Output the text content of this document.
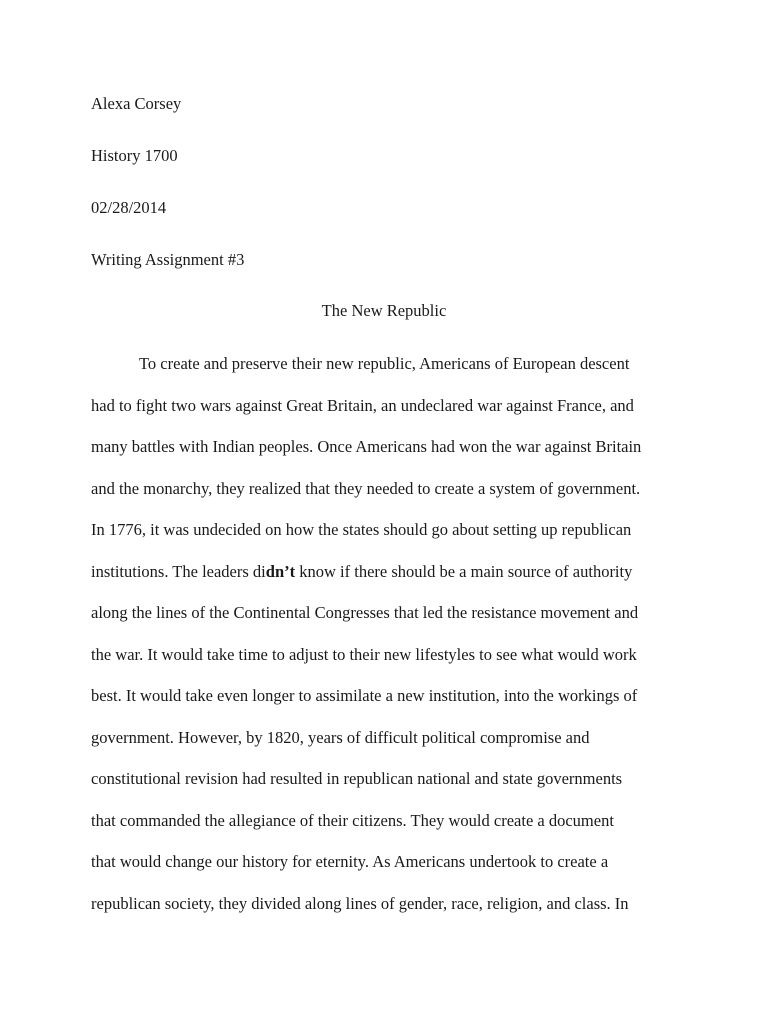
Alexa Corsey
History 1700
02/28/2014
Writing Assignment #3
The New Republic
To create and preserve their new republic, Americans of European descent
had to fight two wars against Great Britain, an undeclared war against France, and
many battles with Indian peoples. Once Americans had won the war against Britain
and the monarchy, they realized that they needed to create a system of government.
In 1776, it was undecided on how the states should go about setting up republican
institutions. The leaders didn’t know if there should be a main source of authority
along the lines of the Continental Congresses that led the resistance movement and
the war. It would take time to adjust to their new lifestyles to see what would work
best. It would take even longer to assimilate a new institution, into the workings of
government. However, by 1820, years of difficult political compromise and
constitutional revision had resulted in republican national and state governments
that commanded the allegiance of their citizens. They would create a document
that would change our history for eternity. As Americans undertook to create a
republican society, they divided along lines of gender, race, religion, and class. In
